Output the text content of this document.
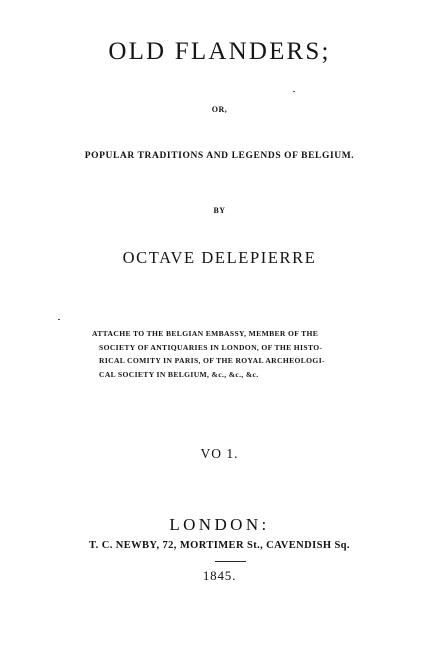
OLD FLANDERS;
OR,
POPULAR TRADITIONS AND LEGENDS OF BELGIUM.
BY
OCTAVE DELEPIERRE
ATTACHE TO THE BELGIAN EMBASSY, MEMBER OF THE
SOCIETY OF ANTIQUARIES IN LONDON, OF THE HISTO-
RICAL COMITY IN PARIS, OF THE ROYAL ARCHEOLOGI-
CAL SOCIETY IN BELGIUM, &c., &c., &c.
VO 1.
LONDON:
T. C. NEWBY, 72, MORTIMER St., CAVENDISH Sq.
1845.
